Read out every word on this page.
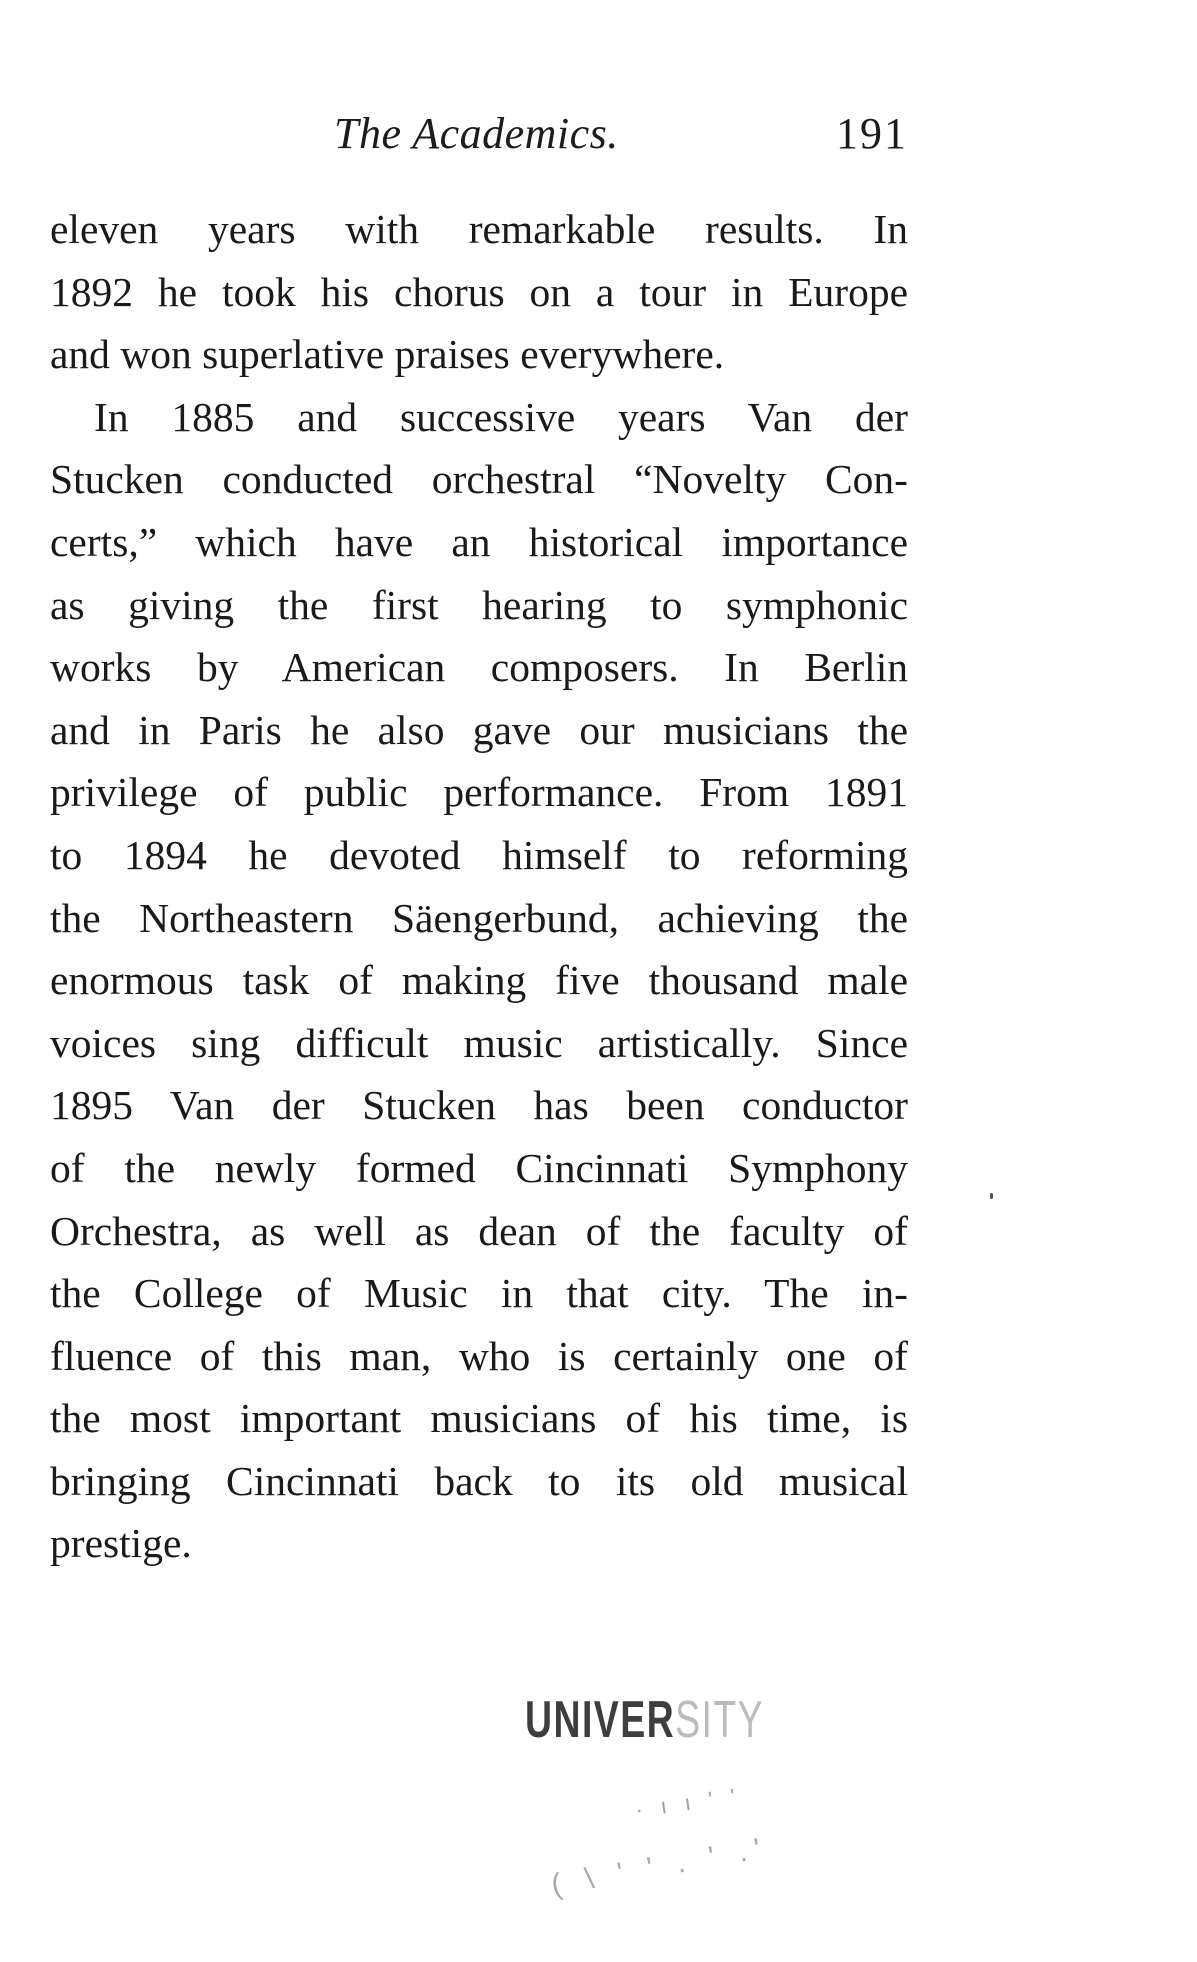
The Academics.	191
eleven years with remarkable results. In
1892 he took his chorus on a tour in Europe
and won superlative praises everywhere.
In 1885 and successive years Van der
Stucken conducted orchestral “Novelty Con-
certs,” which have an historical importance
as giving the first hearing to symphonic
works by American composers. In Berlin
and in Paris he also gave our musicians the
privilege of public performance. From 1891
to 1894 he devoted himself to reforming
the Northeastern Säengerbund, achieving the
enormous task of making five thousand male
voices sing difficult music artistically. Since
1895 Van der Stucken has been conductor
of the newly formed Cincinnati Symphony
Orchestra, as well as dean of the faculty of
the College of Music in that city. The in-
fluence of this man, who is certainly one of
the most important musicians of his time, is
bringing Cincinnati back to its old musical
prestige.
UNIVERSITY
· ı ı ' '
( \ ' ' . ' .'
